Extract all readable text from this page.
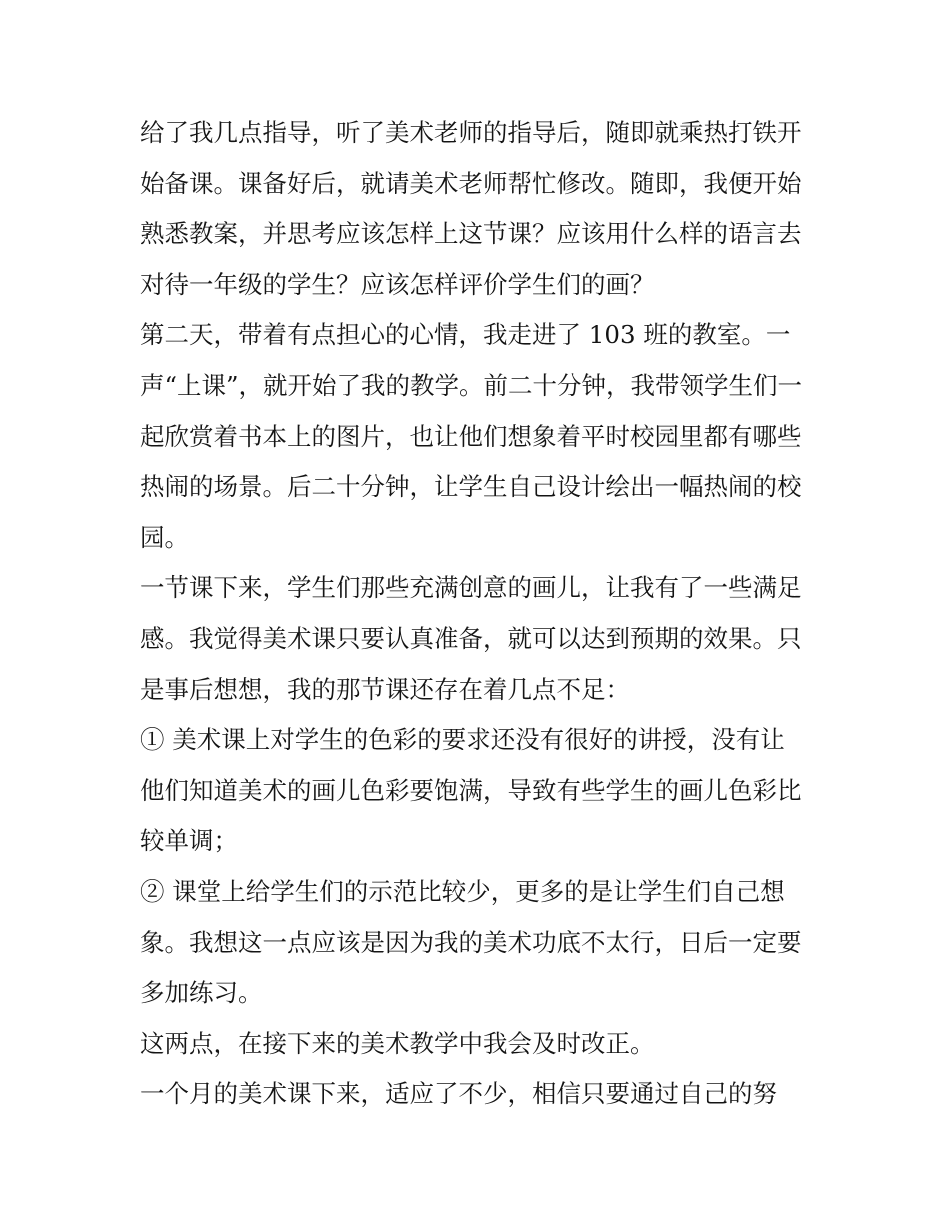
给了我几点指导，听了美术老师的指导后，随即就乘热打铁开
始备课。课备好后，就请美术老师帮忙修改。随即，我便开始
熟悉教案，并思考应该怎样上这节课？应该用什么样的语言去
对待一年级的学生？应该怎样评价学生们的画？
第二天，带着有点担心的心情，我走进了 103 班的教室。一
声“上课”，就开始了我的教学。前二十分钟，我带领学生们一
起欣赏着书本上的图片，也让他们想象着平时校园里都有哪些
热闹的场景。后二十分钟，让学生自己设计绘出一幅热闹的校
园。
一节课下来，学生们那些充满创意的画儿，让我有了一些满足
感。我觉得美术课只要认真准备，就可以达到预期的效果。只
是事后想想，我的那节课还存在着几点不足：
① 美术课上对学生的色彩的要求还没有很好的讲授，没有让
他们知道美术的画儿色彩要饱满，导致有些学生的画儿色彩比
较单调；
② 课堂上给学生们的示范比较少，更多的是让学生们自己想
象。我想这一点应该是因为我的美术功底不太行，日后一定要
多加练习。
这两点，在接下来的美术教学中我会及时改正。
一个月的美术课下来，适应了不少，相信只要通过自己的努
